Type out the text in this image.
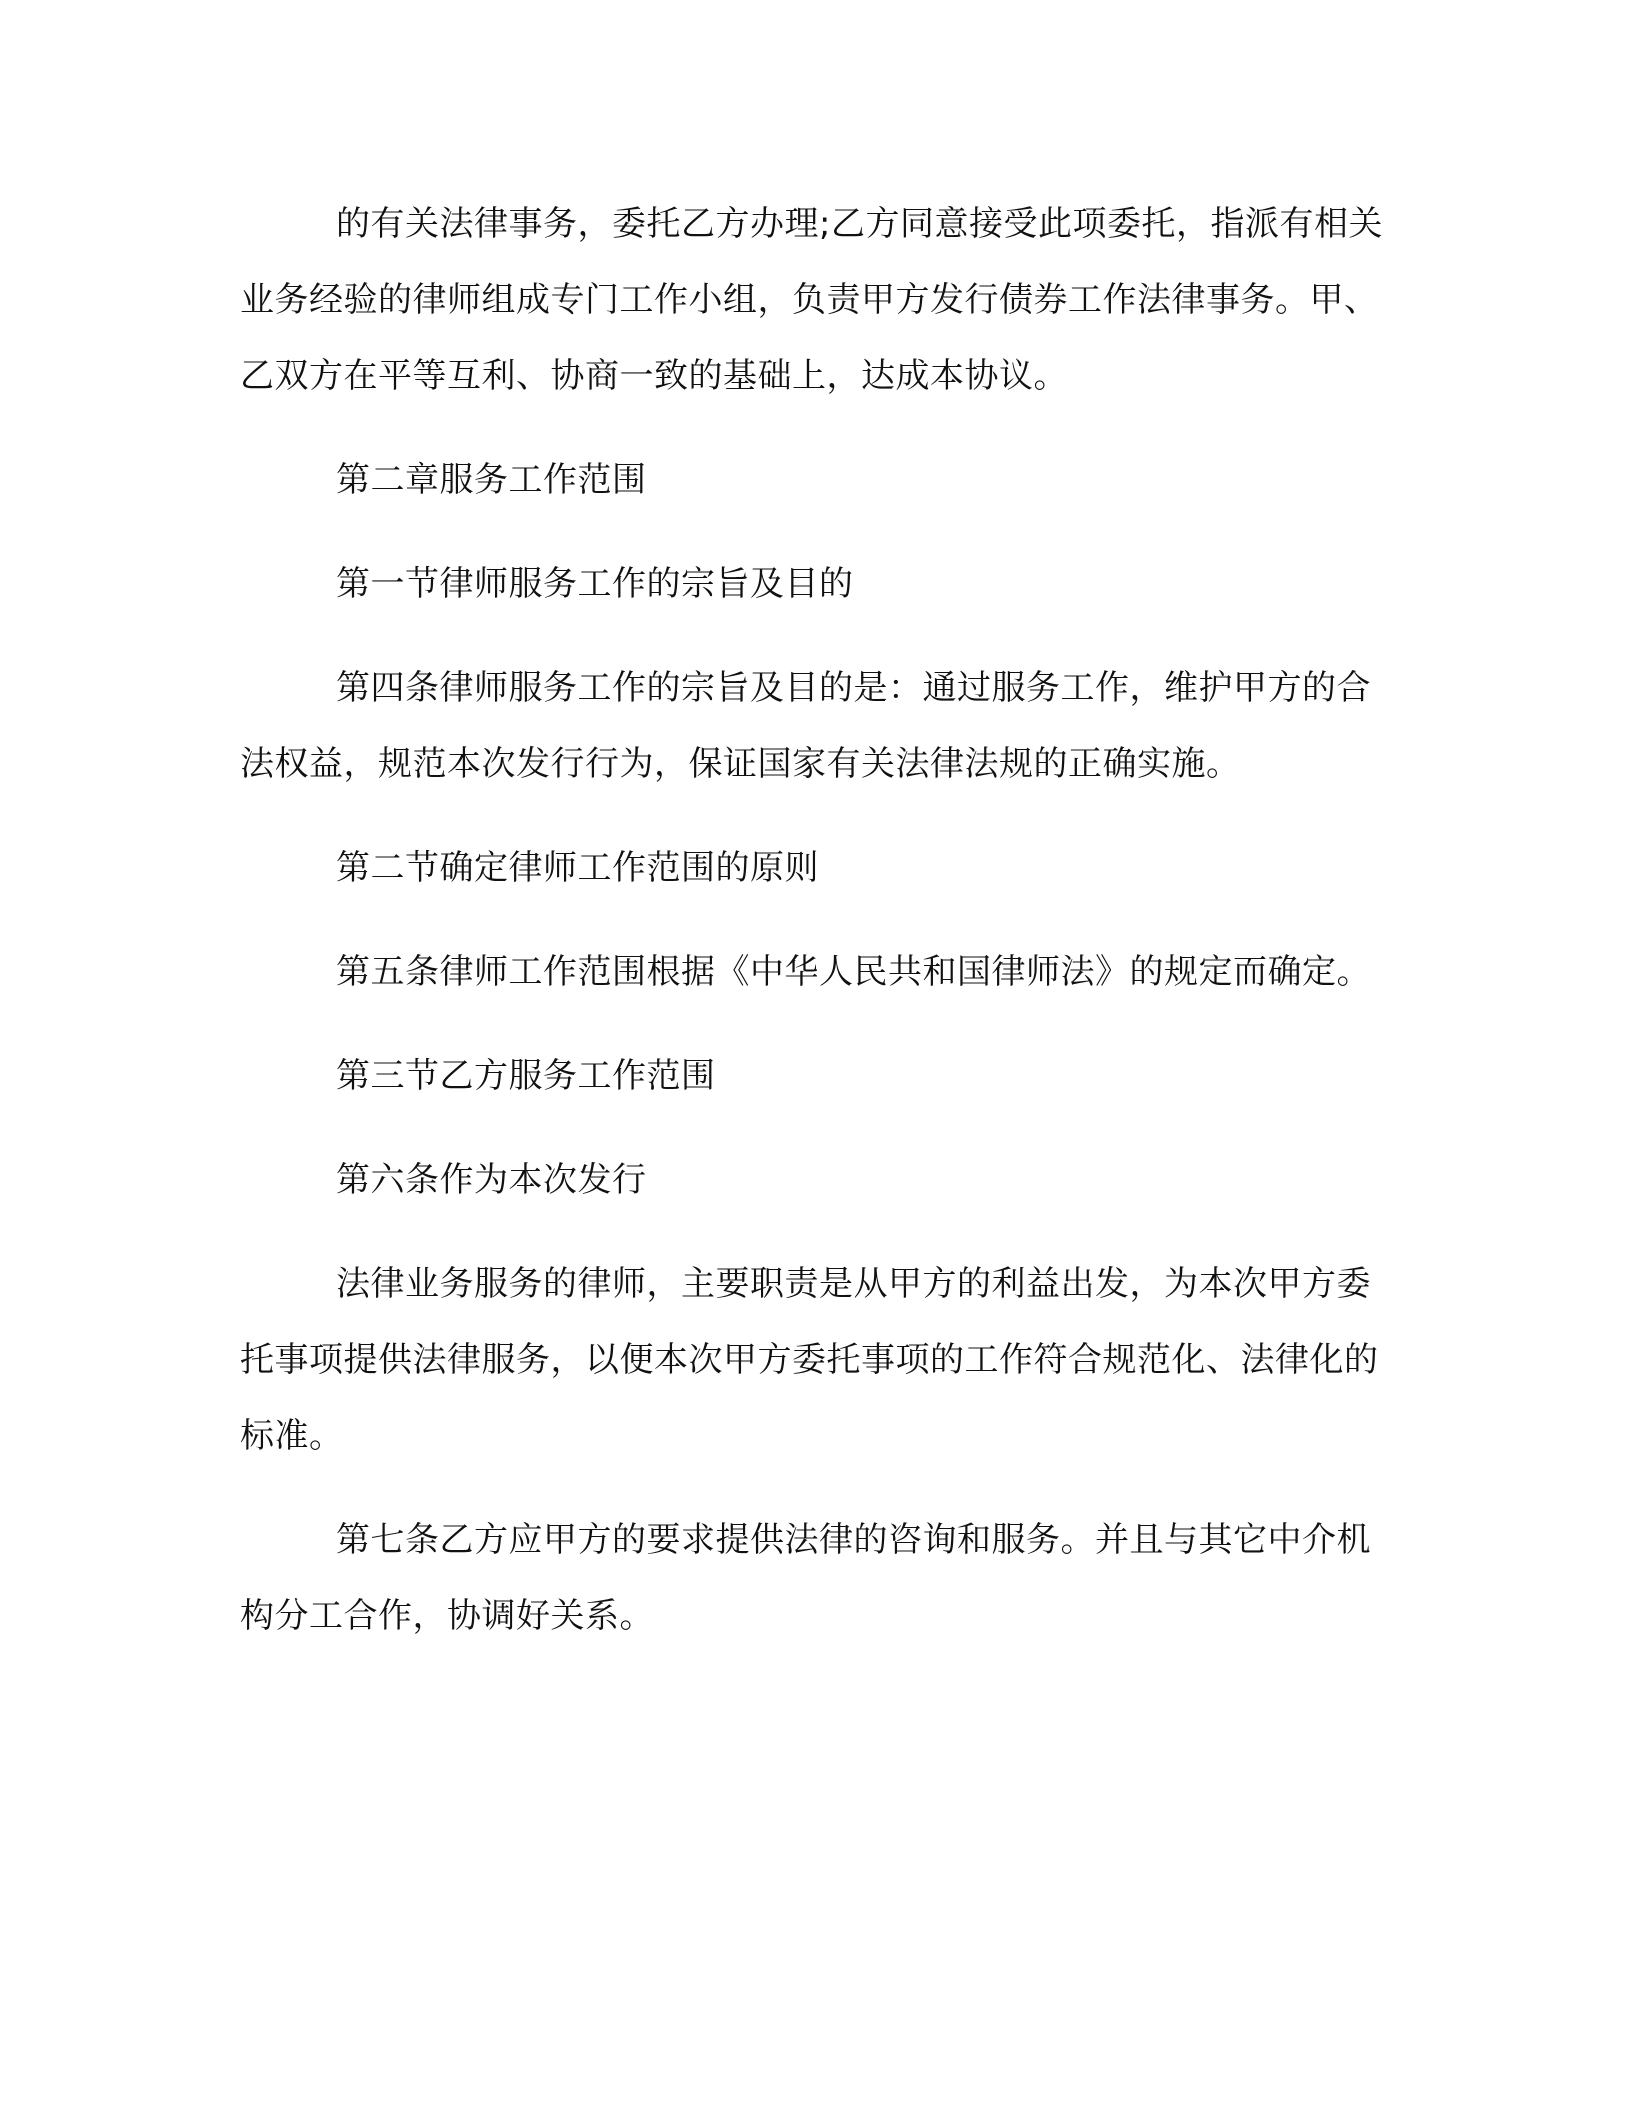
的有关法律事务，委托乙方办理;乙方同意接受此项委托，指派有相关业务经验的律师组成专门工作小组，负责甲方发行债券工作法律事务。甲、乙双方在平等互利、协商一致的基础上，达成本协议。

第二章服务工作范围

第一节律师服务工作的宗旨及目的

第四条律师服务工作的宗旨及目的是：通过服务工作，维护甲方的合法权益，规范本次发行行为，保证国家有关法律法规的正确实施。

第二节确定律师工作范围的原则

第五条律师工作范围根据《中华人民共和国律师法》的规定而确定。

第三节乙方服务工作范围

第六条作为本次发行

法律业务服务的律师，主要职责是从甲方的利益出发，为本次甲方委托事项提供法律服务，以便本次甲方委托事项的工作符合规范化、法律化的标准。

第七条乙方应甲方的要求提供法律的咨询和服务。并且与其它中介机构分工合作，协调好关系。
